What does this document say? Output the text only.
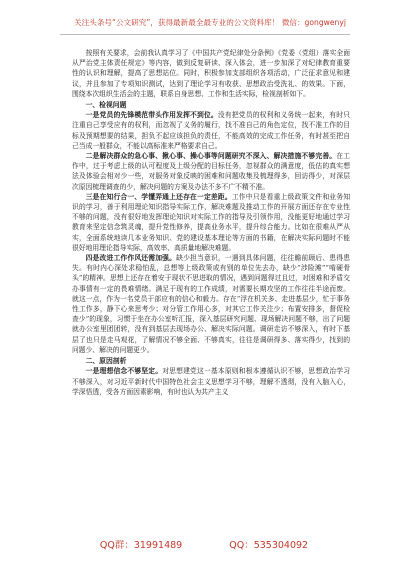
关注头条号“公文研究”，获得最新最全最专业的公文资料库！ 微信：gongwenyj

按照有关要求，会前我认真学习了《中国共产党纪律处分条例》《党委（党组）落实全面从严治党主体责任规定》等内容，做到反复研读、深入体会，进一步加深了对纪律教育重要性的认识和理解，提高了思想站位。同时，积极参加支部组织各项活动，广泛征求意见和建议，并且参加了专项知识测试，达到了理论学习有收获、思想政治受洗礼、的效果。下面，围绕本次组织生活会的主题，联系自身思想、工作和生活实际，检视剖析如下。

一、检视问题

一是党员的先锋模范带头作用发挥不到位。没有把党员的权利和义务统一起来，有时只注重自己享受应有的权利，而忽视了义务的履行，找不准自己的角色定位，找不准工作的目标及预期想要的结果，担负不起应该担负的责任，不能高效的完成工作任务，有时甚至把自己当成一般群众，不能以高标准来严格要求自己。

二是解决群众的急心事、揪心事、操心事等问题研究不深入、解决措施不够完善。在工作中，过于考虑上级的认可程度及上级分配的目标任务，忽视群众的满意度，低估的真实想法及体验会相对少一些，对服务对象反映的困难和问题收集及梳理得多，回访得少，对深层次原因梳理调查的少，解决问题的方案及办法不多不广不精不准。

三是在知行合一、学懂弄通上还存在一定差距。工作中只是看重上级政策文件和业务知识的学习，善于利用理论知识指导实际工作，解决难题及推动工作的开展方面还存在专业性不够的问题，没有很好地发挥理论知识对实际工作的指导及引领作用，没能更好地通过学习教育来坚定信念筑灵魂，提升党性修养，提高业务水平，提升综合能力。比如在很难从严从实，全面系统地读几本业务知识、党的建设基本理论等方面的书籍，在解决实际问题时不能很好地用理论指导实际，高效率、高质量地解决难题。

四是改进工作作风还需加强。缺少担当意识，一遇到具体问题，往往瞻前顾后、患得患失。有时内心深处求稳怕乱，总想等上级政策或有别的单位先去办，缺少“涉险滩”“啃硬骨头”的精神。思想上还存在着安于现状不思进取的情况，遇到问题得过且过，对困难和矛盾交办事情有一定的畏难情绪。满足于现有的工作成绩，对需要长期攻坚的工作往往半途而废。就这一点，作为一名党员干部应有的信心和毅力。存在“浮在机关多、走进基层少，忙于事务性工作多，静下心来思考少；对分管工作用心多，对其它工作关注少；布置安排多，督促检查少”的现象，习惯于坐在办公室听汇报，深入基层研究问题、现场解决问题不够，出了问题就办公室里团团转，没有到基层去现场办公、解决实际问题。调研走访不够深入，有时下基层了也只是走马观花，了解情况不够全面、不够真实，往往是调研得多、落实得少，找到的问题少、解决的问题更少。

二、原因剖析

一是理想信念不够坚定。对思想建党这一基本原则和根本遵循认识不够，思想政治学习不够深入，对习近平新时代中国特色社会主义思想学习不够，理解不透彻，没有入脑入心，学深悟透，受各方面因素影响，有时也认为共产主义

QQ群：31991489	QQ：535304092
